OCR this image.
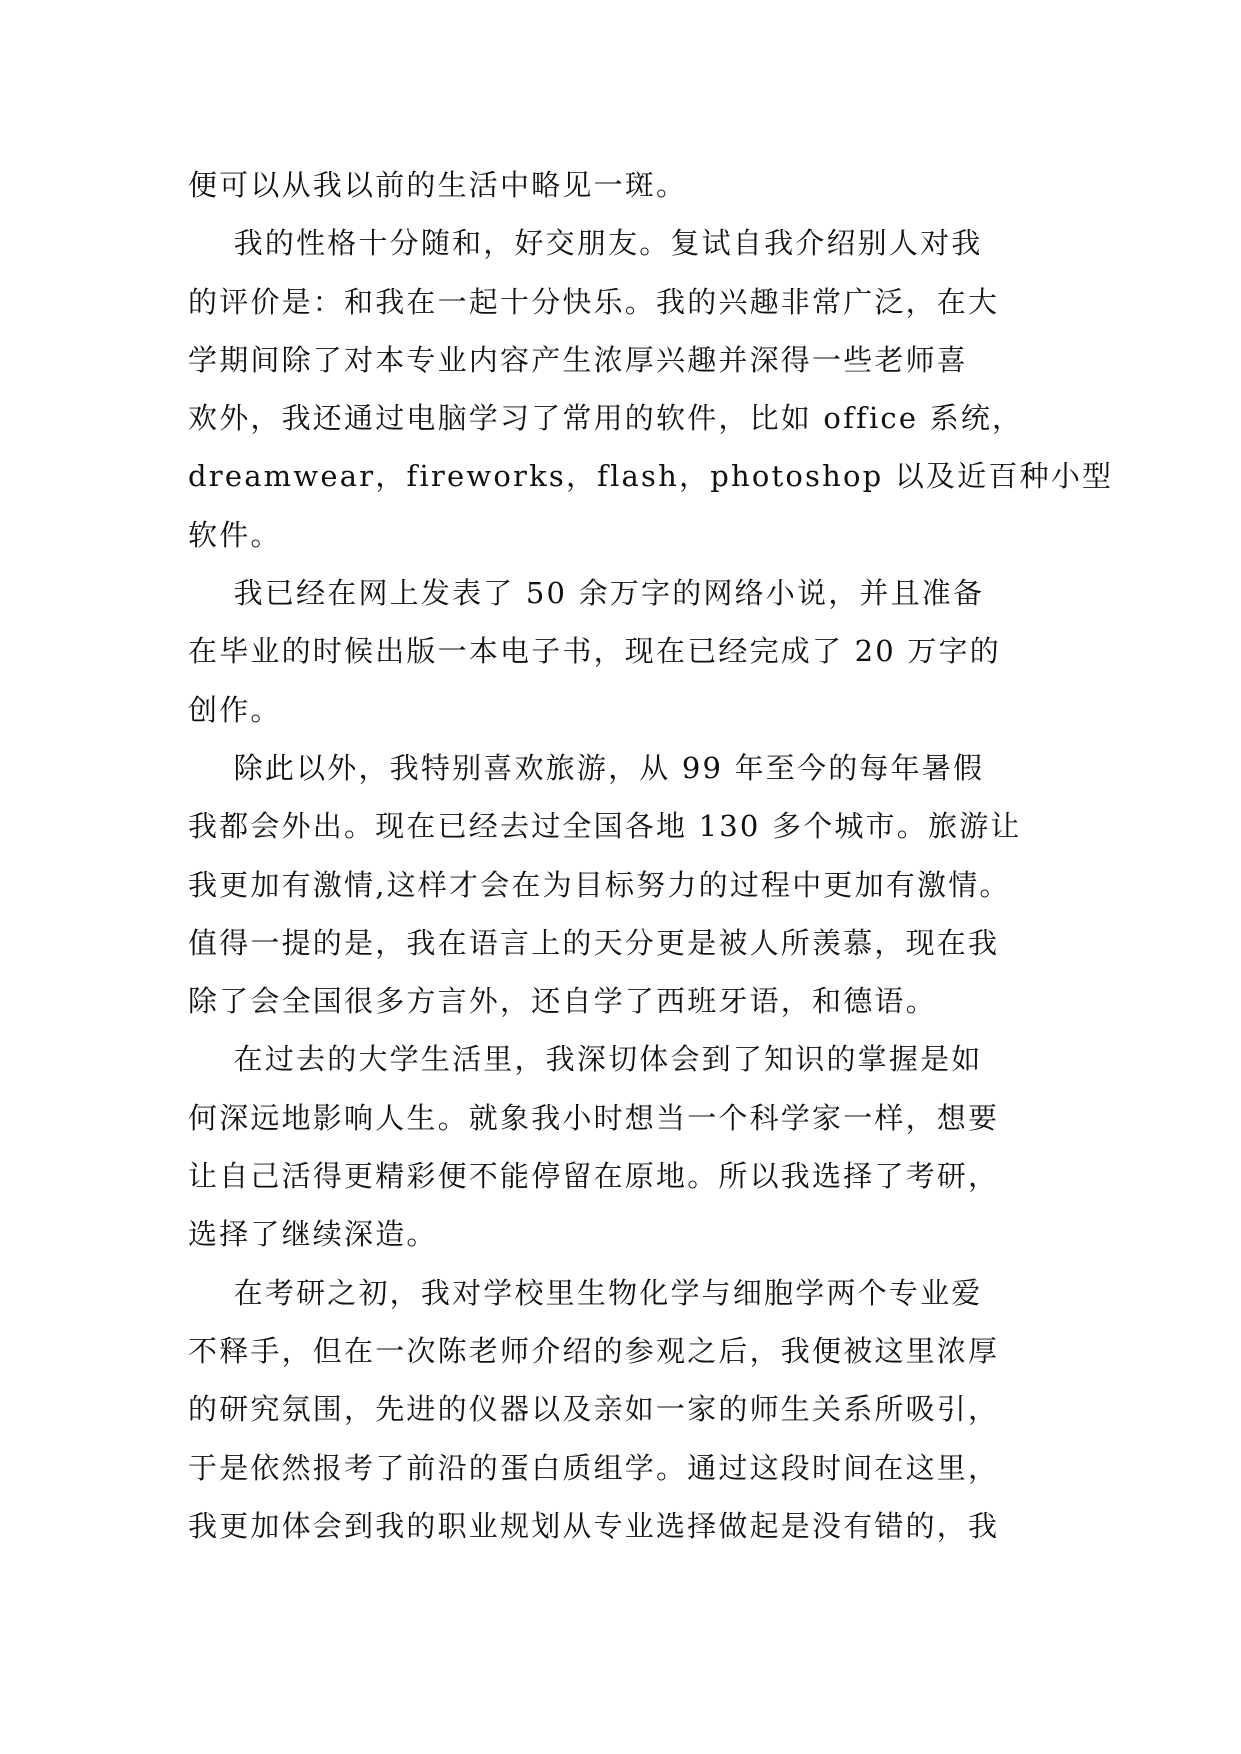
便可以从我以前的生活中略见一斑。
我的性格十分随和，好交朋友。复试自我介绍别人对我
的评价是：和我在一起十分快乐。我的兴趣非常广泛，在大
学期间除了对本专业内容产生浓厚兴趣并深得一些老师喜
欢外，我还通过电脑学习了常用的软件，比如 office 系统，
dreamwear，fireworks，flash，photoshop 以及近百种小型
软件。
我已经在网上发表了 50 余万字的网络小说，并且准备
在毕业的时候出版一本电子书，现在已经完成了 20 万字的
创作。
除此以外，我特别喜欢旅游，从 99 年至今的每年暑假
我都会外出。现在已经去过全国各地 130 多个城市。旅游让
我更加有激情,这样才会在为目标努力的过程中更加有激情。
值得一提的是，我在语言上的天分更是被人所羡慕，现在我
除了会全国很多方言外，还自学了西班牙语，和德语。
在过去的大学生活里，我深切体会到了知识的掌握是如
何深远地影响人生。就象我小时想当一个科学家一样，想要
让自己活得更精彩便不能停留在原地。所以我选择了考研，
选择了继续深造。
在考研之初，我对学校里生物化学与细胞学两个专业爱
不释手，但在一次陈老师介绍的参观之后，我便被这里浓厚
的研究氛围，先进的仪器以及亲如一家的师生关系所吸引，
于是依然报考了前沿的蛋白质组学。通过这段时间在这里，
我更加体会到我的职业规划从专业选择做起是没有错的，我
